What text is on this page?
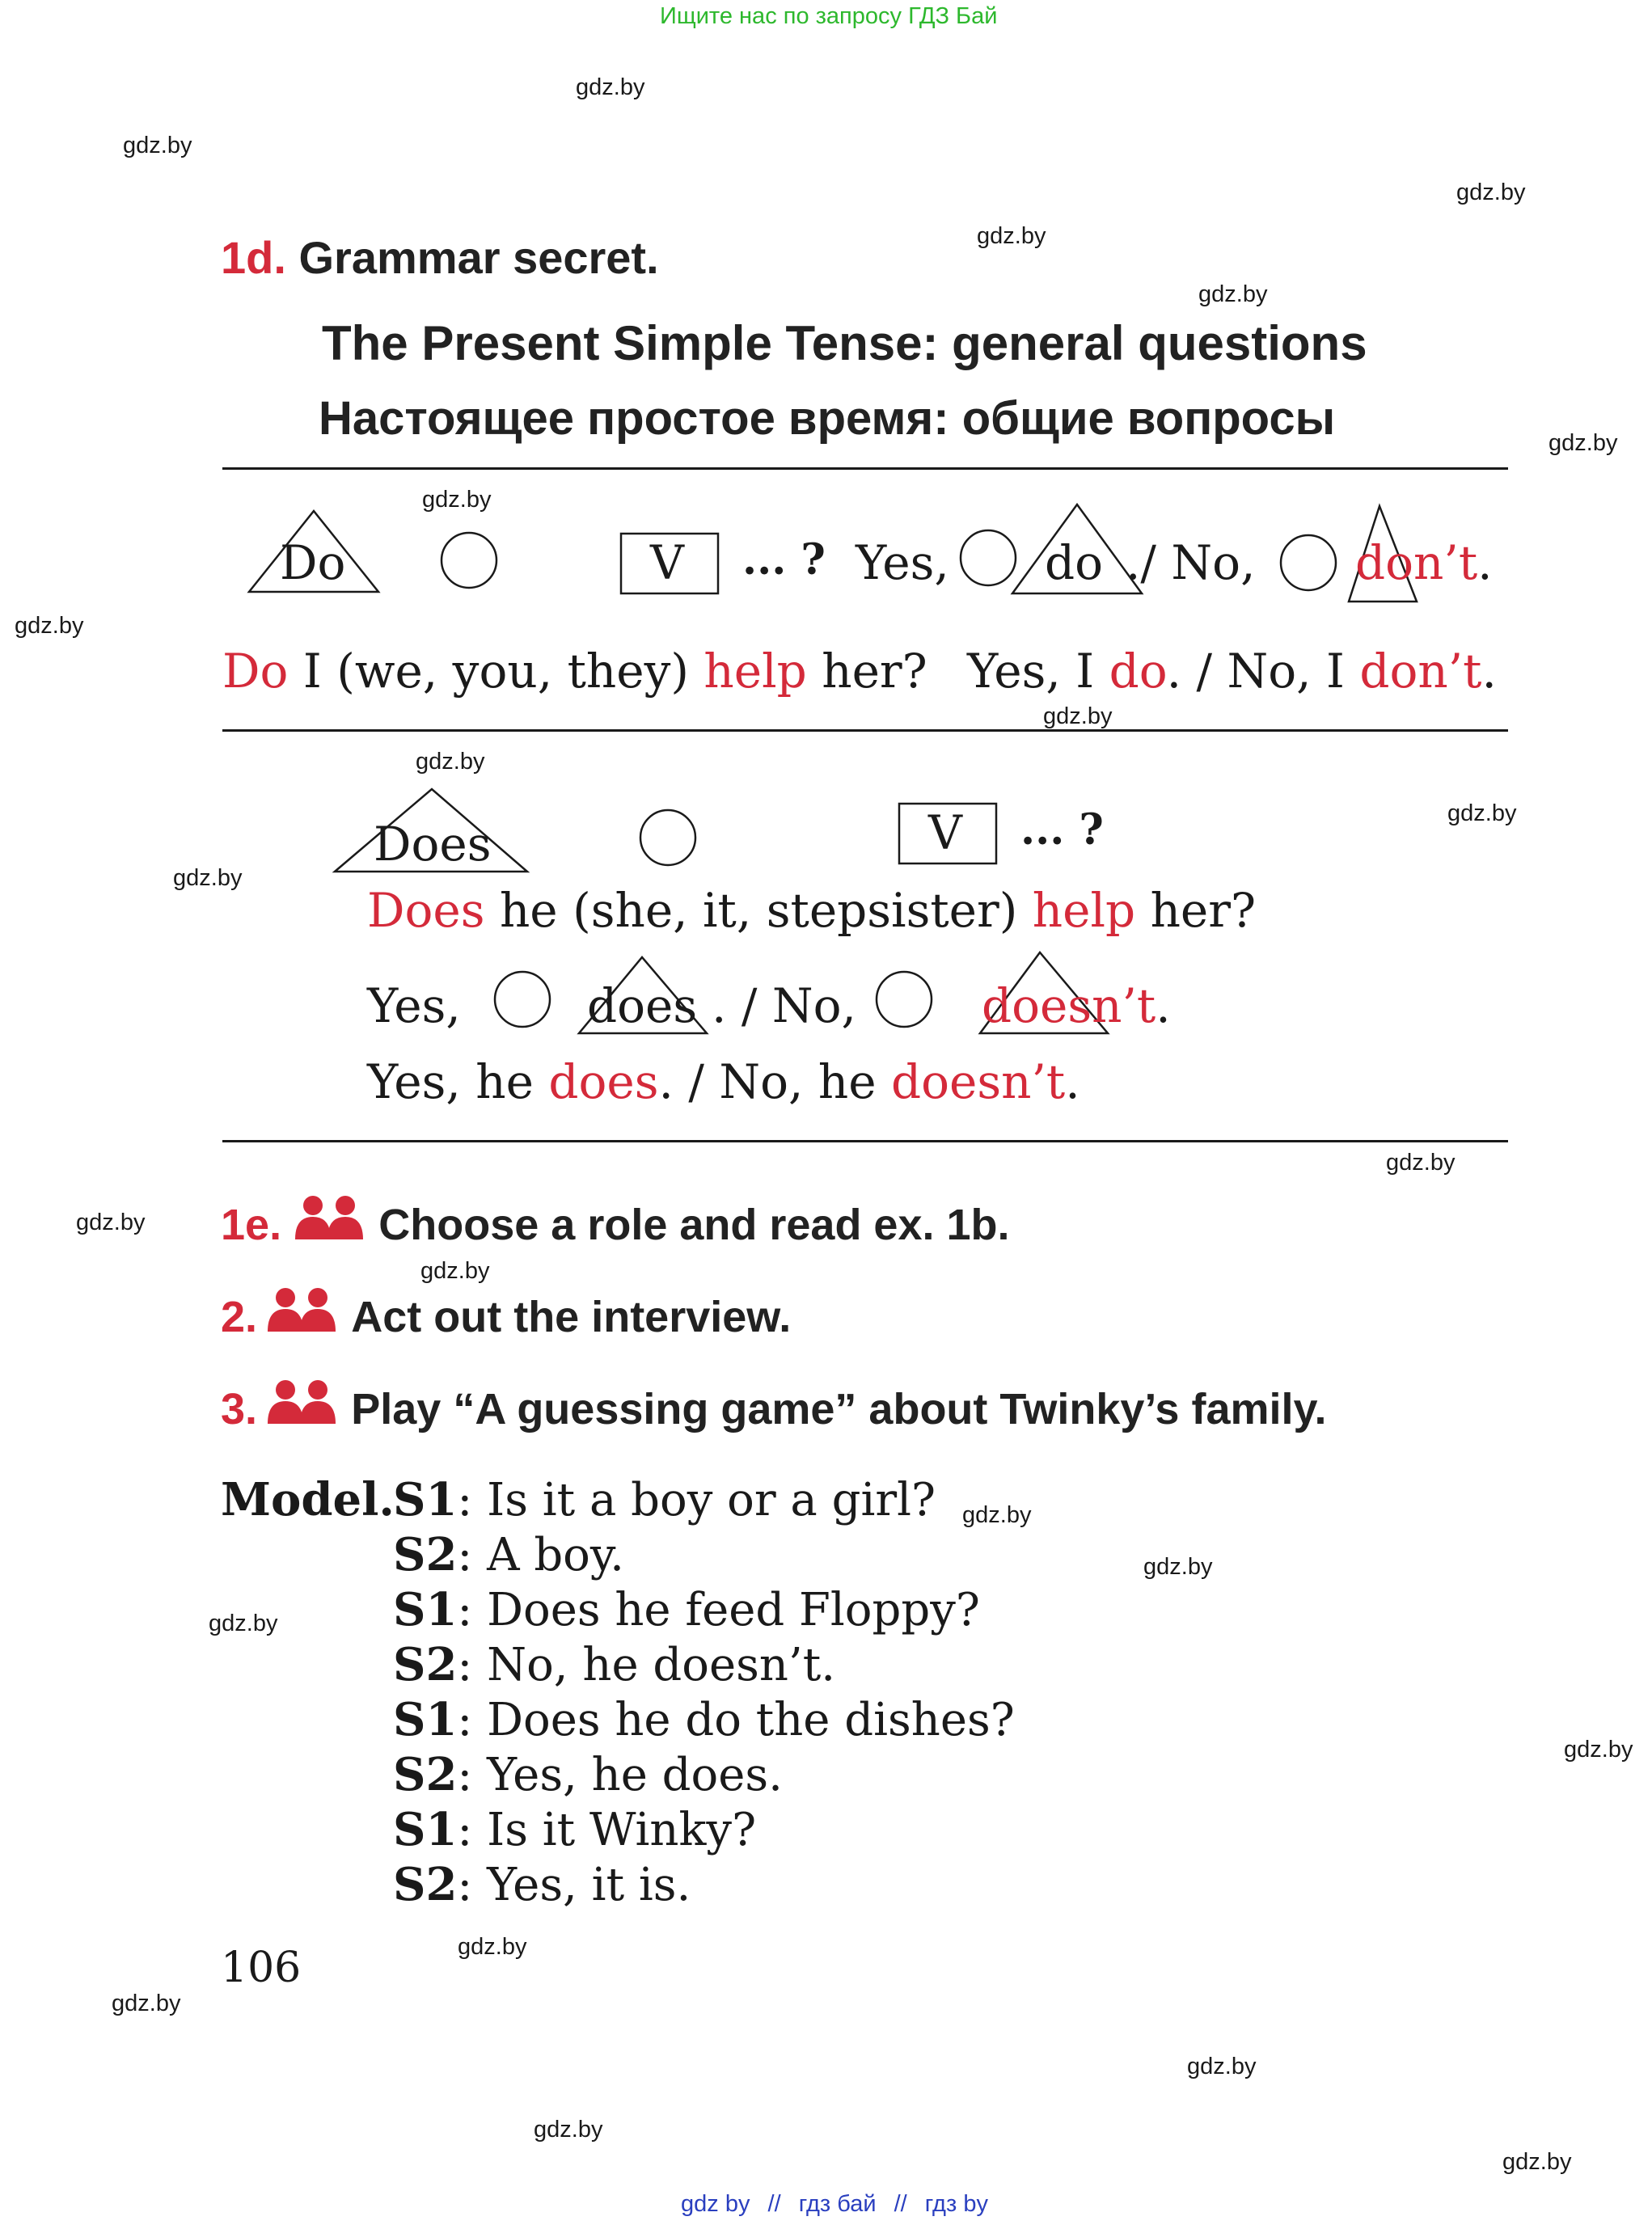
Ищите нас по запросу ГДЗ Бай
gdz.by
gdz.by
gdz.by
gdz.by
gdz.by
gdz.by
gdz.by
gdz.by
gdz.by
gdz.by
gdz.by
gdz.by
gdz.by
gdz.by
gdz.by
gdz.by
gdz.by
gdz.by
gdz.by
gdz.by
gdz.by
gdz.by
gdz.by
gdz.by
1d. Grammar secret.
The Present Simple Tense: general questions
Настоящее простое время: общие вопросы
Do	V ... ? Yes, do ./ No, don’t.
Do I (we, you, they) help her? Yes, I do. / No, I don’t.
Does	V ... ?
Does he (she, it, stepsister) help her?
Yes,	does . / No,	doesn’t.
Yes, he does. / No, he doesn’t.
1e. Choose a role and read ex. 1b.
2. Act out the interview.
3. Play “A guessing game” about Twinky’s family.
Model.
S1: Is it a boy or a girl?
S2: A boy.
S1: Does he feed Floppy?
S2: No, he doesn’t.
S1: Does he do the dishes?
S2: Yes, he does.
S1: Is it Winky?
S2: Yes, it is.
106
gdz by // гдз бай // гдз by
